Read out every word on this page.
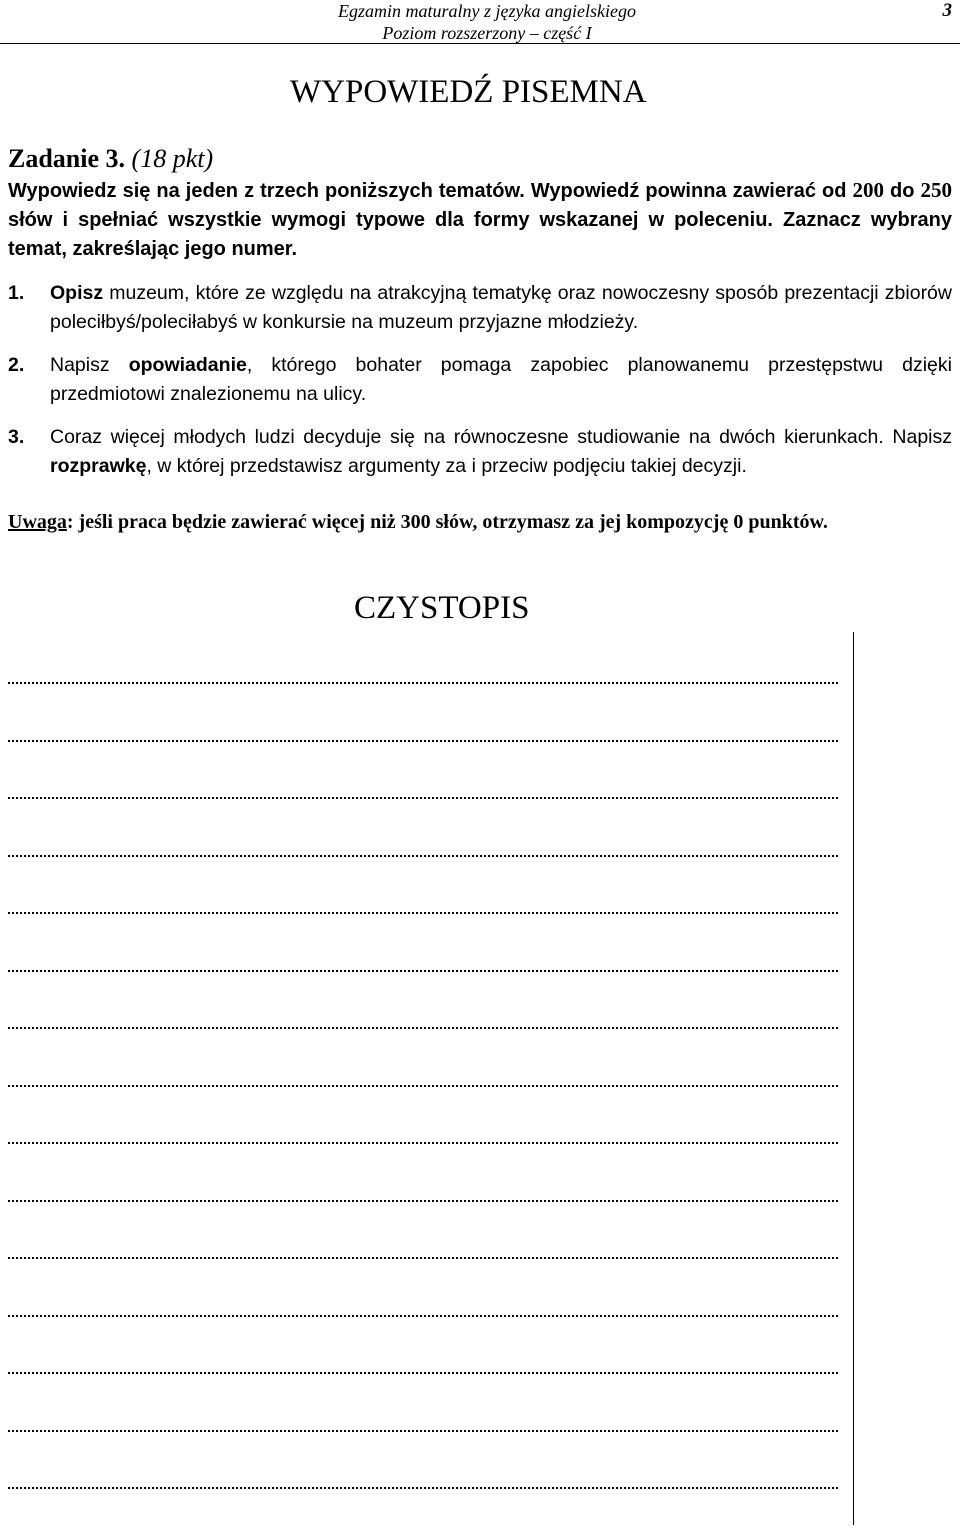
Egzamin maturalny z języka angielskiego
Poziom rozszerzony – część I
3
WYPOWIEDŹ PISEMNA
Zadanie 3. (18 pkt)

Wypowiedz się na jeden z trzech poniższych tematów. Wypowiedź powinna zawierać od 200 do 250 słów i spełniać wszystkie wymogi typowe dla formy wskazanej w poleceniu. Zaznacz wybrany temat, zakreślając jego numer.

1. Opisz muzeum, które ze względu na atrakcyjną tematykę oraz nowoczesny sposób prezentacji zbiorów poleciłbyś/poleciłabyś w konkursie na muzeum przyjazne młodzieży.
2. Napisz opowiadanie, którego bohater pomaga zapobiec planowanemu przestępstwu dzięki przedmiotowi znalezionemu na ulicy.
3. Coraz więcej młodych ludzi decyduje się na równoczesne studiowanie na dwóch kierunkach. Napisz rozprawkę, w której przedstawisz argumenty za i przeciw podjęciu takiej decyzji.
Uwaga: jeśli praca będzie zawierać więcej niż 300 słów, otrzymasz za jej kompozycję 0 punktów.
CZYSTOPIS
